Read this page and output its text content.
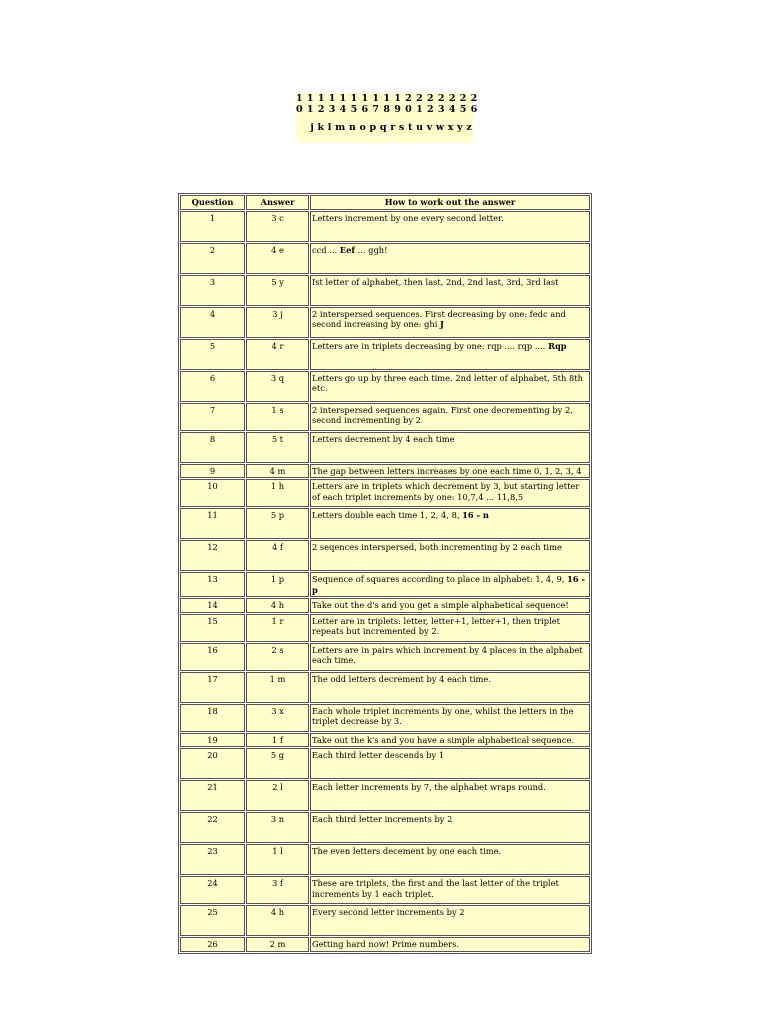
1 1 1 1 1 1 1 1 1 1 2 2 2 2 2 2 2
0 1 2 3 4 5 6 7 8 9 0 1 2 3 4 5 6
j k l m n o p q r s t u v w x y z
Question	Answer	How to work out the answer
1	3 c	Letters increment by one every second letter.
2	4 e	ccd ... Eef ... ggh!
3	5 y	Ist letter of alphabet, then last, 2nd, 2nd last, 3rd, 3rd last
4	3 j	2 interspersed sequences. First decreasing by one: fedc and second increasing by one: ghi J
5	4 r	Letters are in triplets decreasing by one: rqp .... rqp .... Rqp
6	3 q	Letters go up by three each time. 2nd letter of alphabet, 5th 8th etc.
7	1 s	2 interspersed sequences again. First one decrementing by 2, second incrementing by 2
8	5 t	Letters decrement by 4 each time
9	4 m	The gap between letters increases by one each time 0, 1, 2, 3, 4
10	1 h	Letters are in triplets which decrement by 3, but starting letter of each triplet increments by one: 10,7,4 ... 11,8,5
11	5 p	Letters double each time 1, 2, 4, 8, 16 - n
12	4 f	2 seqences interspersed, both incrementing by 2 each time
13	1 p	Sequence of squares according to place in alphabet: 1, 4, 9, 16 - p
14	4 h	Take out the d's and you get a simple alphabetical sequence!
15	1 r	Letter are in triplets: letter, letter+1, letter+1, then triplet repeats but incremented by 2.
16	2 s	Letters are in pairs which increment by 4 places in the alphabet each time.
17	1 m	The odd letters decrement by 4 each time.
18	3 x	Each whole triplet increments by one, whilst the letters in the triplet decrease by 3.
19	1 f	Take out the k's and you have a simple alphabetical sequence.
20	5 g	Each third letter descends by 1
21	2 l	Each letter increments by 7, the alphabet wraps round.
22	3 n	Each third letter increments by 2
23	1 l	The even letters decement by one each time.
24	3 f	These are triplets, the first and the last letter of the triplet increments by 1 each triplet.
25	4 h	Every second letter increments by 2
26	2 m	Getting hard now! Prime numbers.
